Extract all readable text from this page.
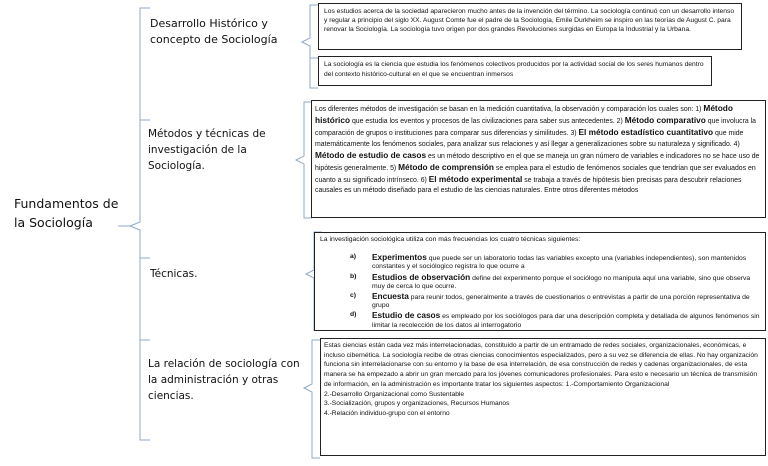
Fundamentos de la Sociología
Desarrollo Histórico y concepto de Sociología
Métodos y técnicas de investigación de la Sociología.
Técnicas.
La relación de sociología con la administración y otras ciencias.
Los estudios acerca de la sociedad aparecieron mucho antes de la invención del término. La sociología continuó con un desarrollo intenso y regular a principio del siglo XX. August Comte fue el padre de la Sociología, Emile Durkheim se inspiro en las teorías de August C. para renovar la Sociología. La sociología tuvo origen por dos grandes Revoluciones surgidas en Europa la Industrial y la Urbana.
La sociología es la ciencia que estudia los fenómenos colectivos producidos por la actividad social de los seres humanos dentro del contexto histórico-cultural en el que se encuentran inmersos
Los diferentes métodos de investigación se basan en la medición cuantitativa, la observación y comparación los cuales son: 1) Método histórico que estudia los eventos y procesos de las civilizaciones para saber sus antecedentes. 2) Método comparativo que involucra la comparación de grupos o instituciones para comparar sus diferencias y similitudes. 3) El método estadístico cuantitativo que mide matemáticamente los fenómenos sociales, para analizar sus relaciones y así llegar a generalizaciones sobre su naturaleza y significado. 4) Método de estudio de casos es un método descriptivo en el que se maneja un gran número de variables e indicadores no se hace uso de hipótesis generalmente. 5) Método de comprensión se emplea para el estudio de fenómenos sociales que tendrían que ser evaluados en cuanto a su significado intrínseco. 6) El método experimental se trabaja a través de hipótesis bien precisas para descubrir relaciones causales es un método diseñado para el estudio de las ciencias naturales. Entre otros diferentes métodos
La investigación sociológica utiliza con más frecuencias los cuatro técnicas siguientes:
a) Experimentos que puede ser un laboratorio todas las variables excepto una (variables independientes), son mantenidos constantes y el sociólogico registra lo que ocurre a
b) Estudios de observación define del experimento porque el sociólogo no manipula aquí una variable, sino que observa muy de cerca lo que ocurre.
c) Encuesta para reunir todos, generalmente a través de cuestionarios o entrevistas a partir de una porción representativa de grupo
d) Estudio de casos es empleado por los sociólogos para dar una descripción completa y detallada de algunos fenómenos sin limitar la recolección de los datos al interrogatorio
Estas ciencias están cada vez más interrelacionadas, constituido a partir de un entramado de redes sociales, organizacionales, económicas, e incluso cibernética. La sociología recibe de otras ciencias conocimientos especializados, pero a su vez se diferencia de ellas. No hay organización funciona sin interrelacionarse con su entorno y la base de esa interrelación, de esa construcción de redes y cadenas organizacionales, de esta manera se ha empezado a abrir un gran mercado para los jóvenes comunicadores profesionales. Para esto e necesario un técnica de transmisión de información, en la administración es importante tratar los siguientes aspectos: 1.-Comportamiento Organizacional
2.-Desarrollo Organizacional como Sustentable
3.-Socialización, grupos y organizaciones, Recursos Humanos
4.-Relación individuo-grupo con el entorno
